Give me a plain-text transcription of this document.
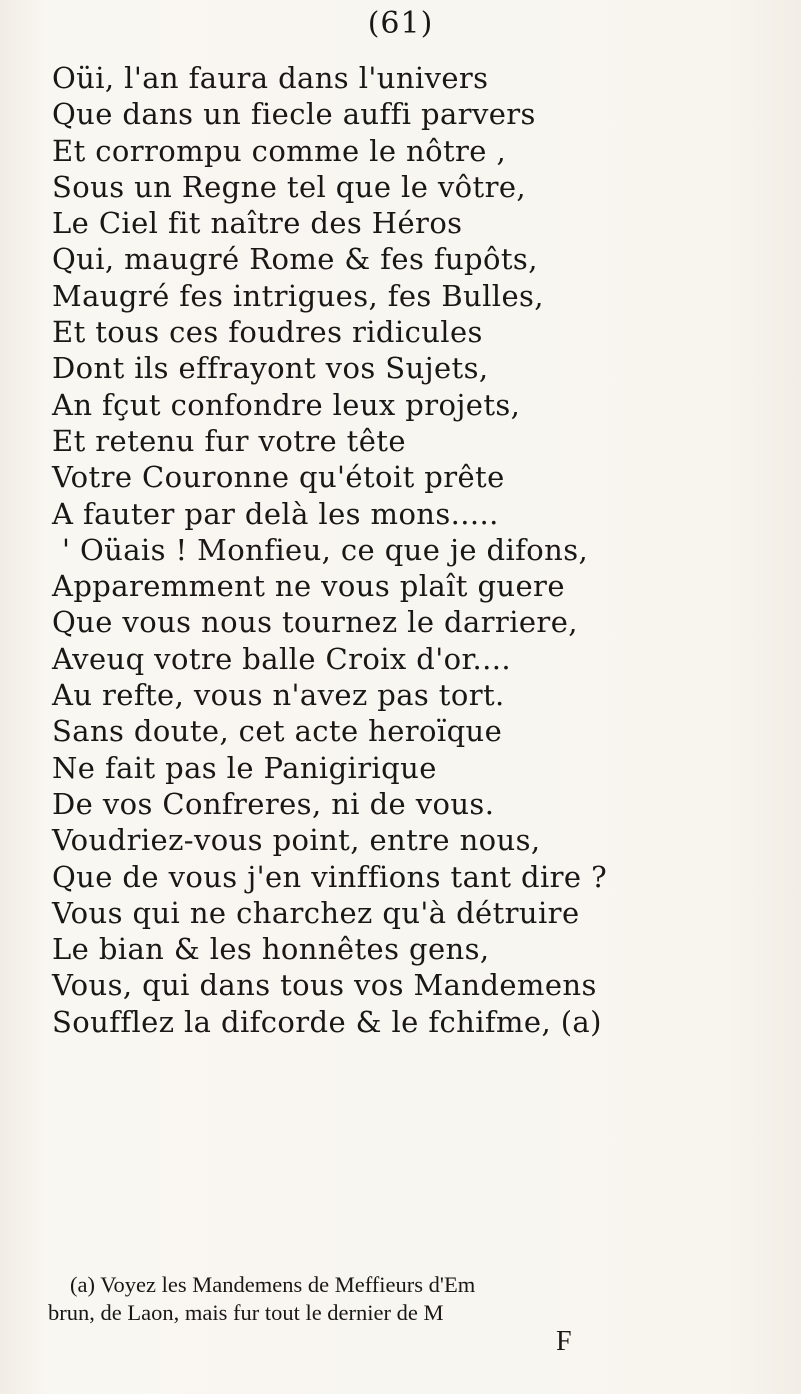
(61)
Oüi, l'an faura dans l'univers
Que dans un fiecle auffi parvers
Et corrompu comme le nôtre ,
Sous un Regne tel que le vôtre,
Le Ciel fit naître des Héros
Qui, maugré Rome & fes fupôts,
Maugré fes intrigues, fes Bulles,
Et tous ces foudres ridicules
Dont ils effrayont vos Sujets,
An fçut confondre leux projets,
Et retenu fur votre tête
Votre Couronne qu'étoit prête
A fauter par delà les mons.....
' Oüais ! Monfieu, ce que je difons,
Apparemment ne vous plaît guere
Que vous nous tournez le darriere,
Aveuq votre balle Croix d'or....
Au refte, vous n'avez pas tort.
Sans doute, cet acte heroïque
Ne fait pas le Panigirique
De vos Confreres, ni de vous.
Voudriez-vous point, entre nous,
Que de vous j'en vinffions tant dire ?
Vous qui ne charchez qu'à détruire
Le bian & les honnêtes gens,
Vous, qui dans tous vos Mandemens
Soufflez la difcorde & le fchifme, (a)
(a) Voyez les Mandemens de Meffieurs d'Em
brun, de Laon, mais fur tout le dernier de M
F
